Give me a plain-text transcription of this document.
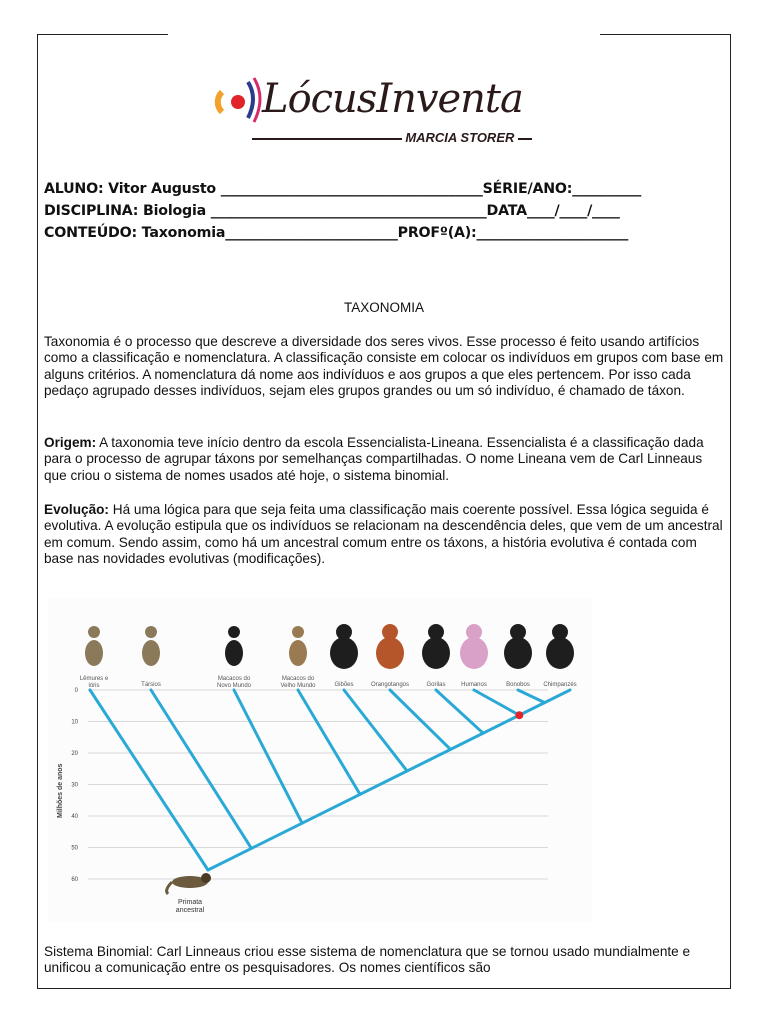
LócusInventa
MARCIA STORER
ALUNO: Vitor Augusto ______________________________________SÉRIE/ANO:__________
DISCIPLINA: Biologia ________________________________________DATA____/____/____
CONTEÚDO: Taxonomia_________________________PROFº(A):______________________
TAXONOMIA
Taxonomia é o processo que descreve a diversidade dos seres vivos. Esse processo é feito usando artifícios como a classificação e nomenclatura. A classificação consiste em colocar os indivíduos em grupos com base em alguns critérios. A nomenclatura dá nome aos indivíduos e aos grupos a que eles pertencem. Por isso cada pedaço agrupado desses indivíduos, sejam eles grupos grandes ou um só indivíduo, é chamado de táxon.
Origem: A taxonomia teve início dentro da escola Essencialista-Lineana. Essencialista é a classificação dada para o processo de agrupar táxons por semelhanças compartilhadas. O nome Lineana vem de Carl Linneaus que criou o sistema de nomes usados até hoje, o sistema binomial.
Evolução: Há uma lógica para que seja feita uma classificação mais coerente possível. Essa lógica seguida é evolutiva. A evolução estipula que os indivíduos se relacionam na descendência deles, que vem de um ancestral em comum. Sendo assim, como há um ancestral comum entre os táxons, a história evolutiva é contada com base nas novidades evolutivas (modificações).
Milhões de anos
0
10
20
30
40
50
60
Lêmures e
lóris	Társios
Macacos do
Novo Mundo
Macacos do
Velho Mundo	Gibões	Orangotangos	Gorilas	Humanos	Bonobos Chimpanzés
Primata
ancestral
Sistema Binomial: Carl Linneaus criou esse sistema de nomenclatura que se tornou usado mundialmente e unificou a comunicação entre os pesquisadores. Os nomes científicos são
